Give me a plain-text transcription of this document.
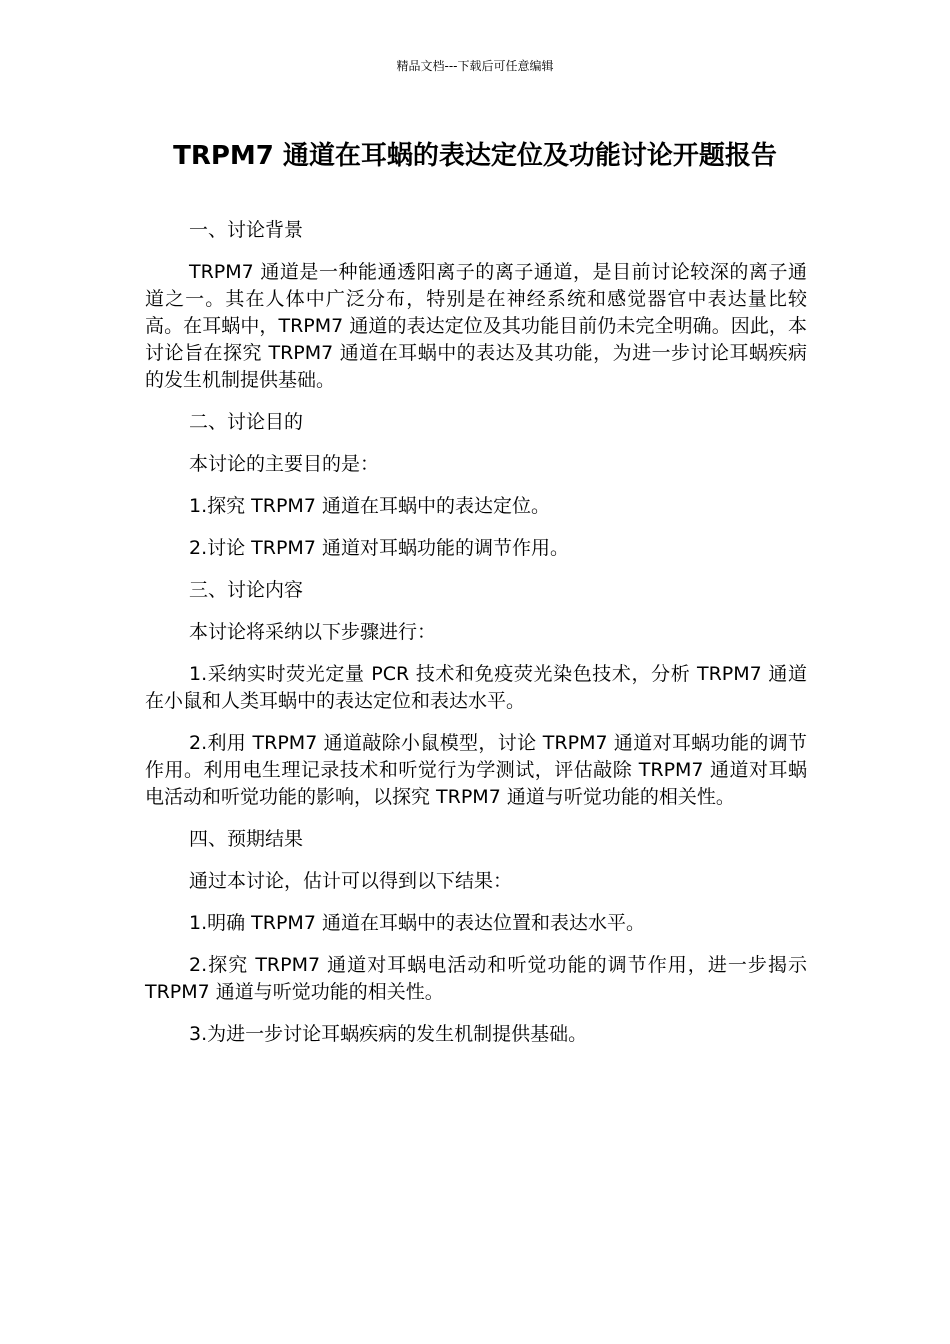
精品文档---下载后可任意编辑
TRPM7 通道在耳蜗的表达定位及功能讨论开题报告

一、讨论背景

TRPM7 通道是一种能通透阳离子的离子通道，是目前讨论较深的离子通道之一。其在人体中广泛分布，特别是在神经系统和感觉器官中表达量比较高。在耳蜗中，TRPM7 通道的表达定位及其功能目前仍未完全明确。因此，本讨论旨在探究 TRPM7 通道在耳蜗中的表达及其功能，为进一步讨论耳蜗疾病的发生机制提供基础。

二、讨论目的

本讨论的主要目的是：

1.探究 TRPM7 通道在耳蜗中的表达定位。

2.讨论 TRPM7 通道对耳蜗功能的调节作用。

三、讨论内容

本讨论将采纳以下步骤进行：

1.采纳实时荧光定量 PCR 技术和免疫荧光染色技术，分析 TRPM7 通道在小鼠和人类耳蜗中的表达定位和表达水平。

2.利用 TRPM7 通道敲除小鼠模型，讨论 TRPM7 通道对耳蜗功能的调节作用。利用电生理记录技术和听觉行为学测试，评估敲除 TRPM7 通道对耳蜗电活动和听觉功能的影响，以探究 TRPM7 通道与听觉功能的相关性。

四、预期结果

通过本讨论，估计可以得到以下结果：

1.明确 TRPM7 通道在耳蜗中的表达位置和表达水平。

2.探究 TRPM7 通道对耳蜗电活动和听觉功能的调节作用，进一步揭示 TRPM7 通道与听觉功能的相关性。

3.为进一步讨论耳蜗疾病的发生机制提供基础。
